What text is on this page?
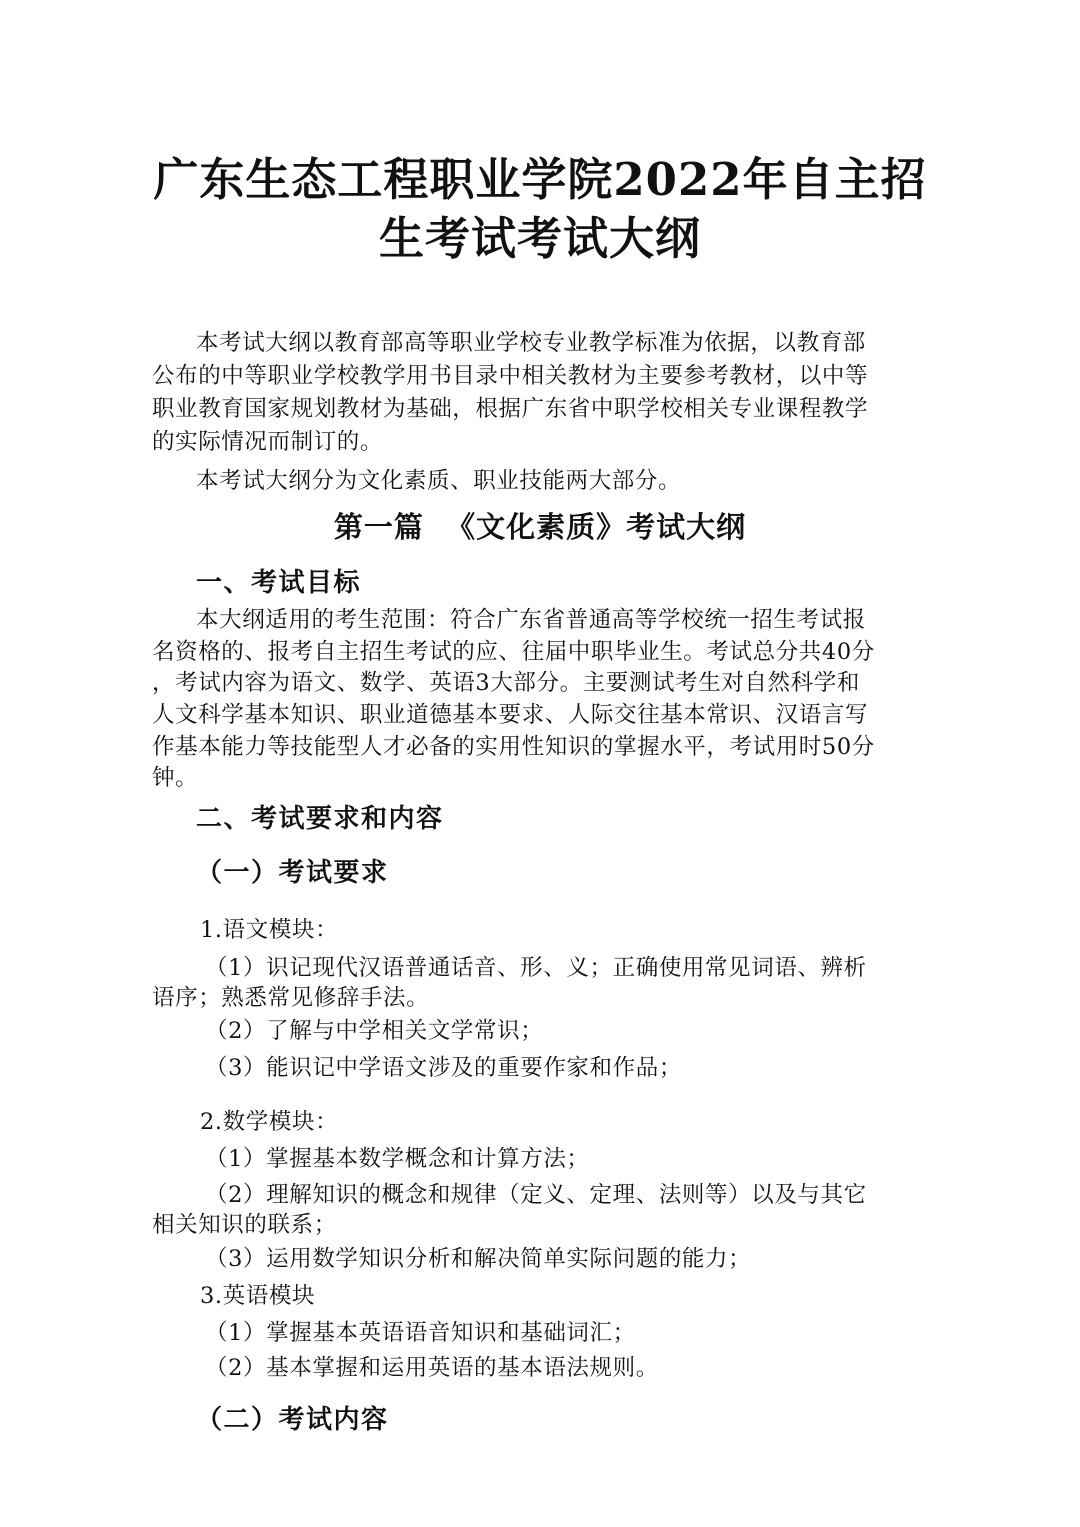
广东生态工程职业学院2022年自主招
生考试考试大纲
本考试大纲以教育部高等职业学校专业教学标准为依据，以教育部
公布的中等职业学校教学用书目录中相关教材为主要参考教材，以中等
职业教育国家规划教材为基础，根据广东省中职学校相关专业课程教学
的实际情况而制订的。
本考试大纲分为文化素质、职业技能两大部分。
第一篇  《文化素质》考试大纲
一、考试目标
本大纲适用的考生范围：符合广东省普通高等学校统一招生考试报
名资格的、报考自主招生考试的应、往届中职毕业生。考试总分共40分
，考试内容为语文、数学、英语3大部分。主要测试考生对自然科学和
人文科学基本知识、职业道德基本要求、人际交往基本常识、汉语言写
作基本能力等技能型人才必备的实用性知识的掌握水平，考试用时50分
钟。
二、考试要求和内容
（一）考试要求
1.语文模块：
（1）识记现代汉语普通话音、形、义；正确使用常见词语、辨析
语序；熟悉常见修辞手法。
（2）了解与中学相关文学常识；
（3）能识记中学语文涉及的重要作家和作品；
2.数学模块：
（1）掌握基本数学概念和计算方法；
（2）理解知识的概念和规律（定义、定理、法则等）以及与其它
相关知识的联系；
（3）运用数学知识分析和解决简单实际问题的能力；
3.英语模块
（1）掌握基本英语语音知识和基础词汇；
（2）基本掌握和运用英语的基本语法规则。
（二）考试内容
